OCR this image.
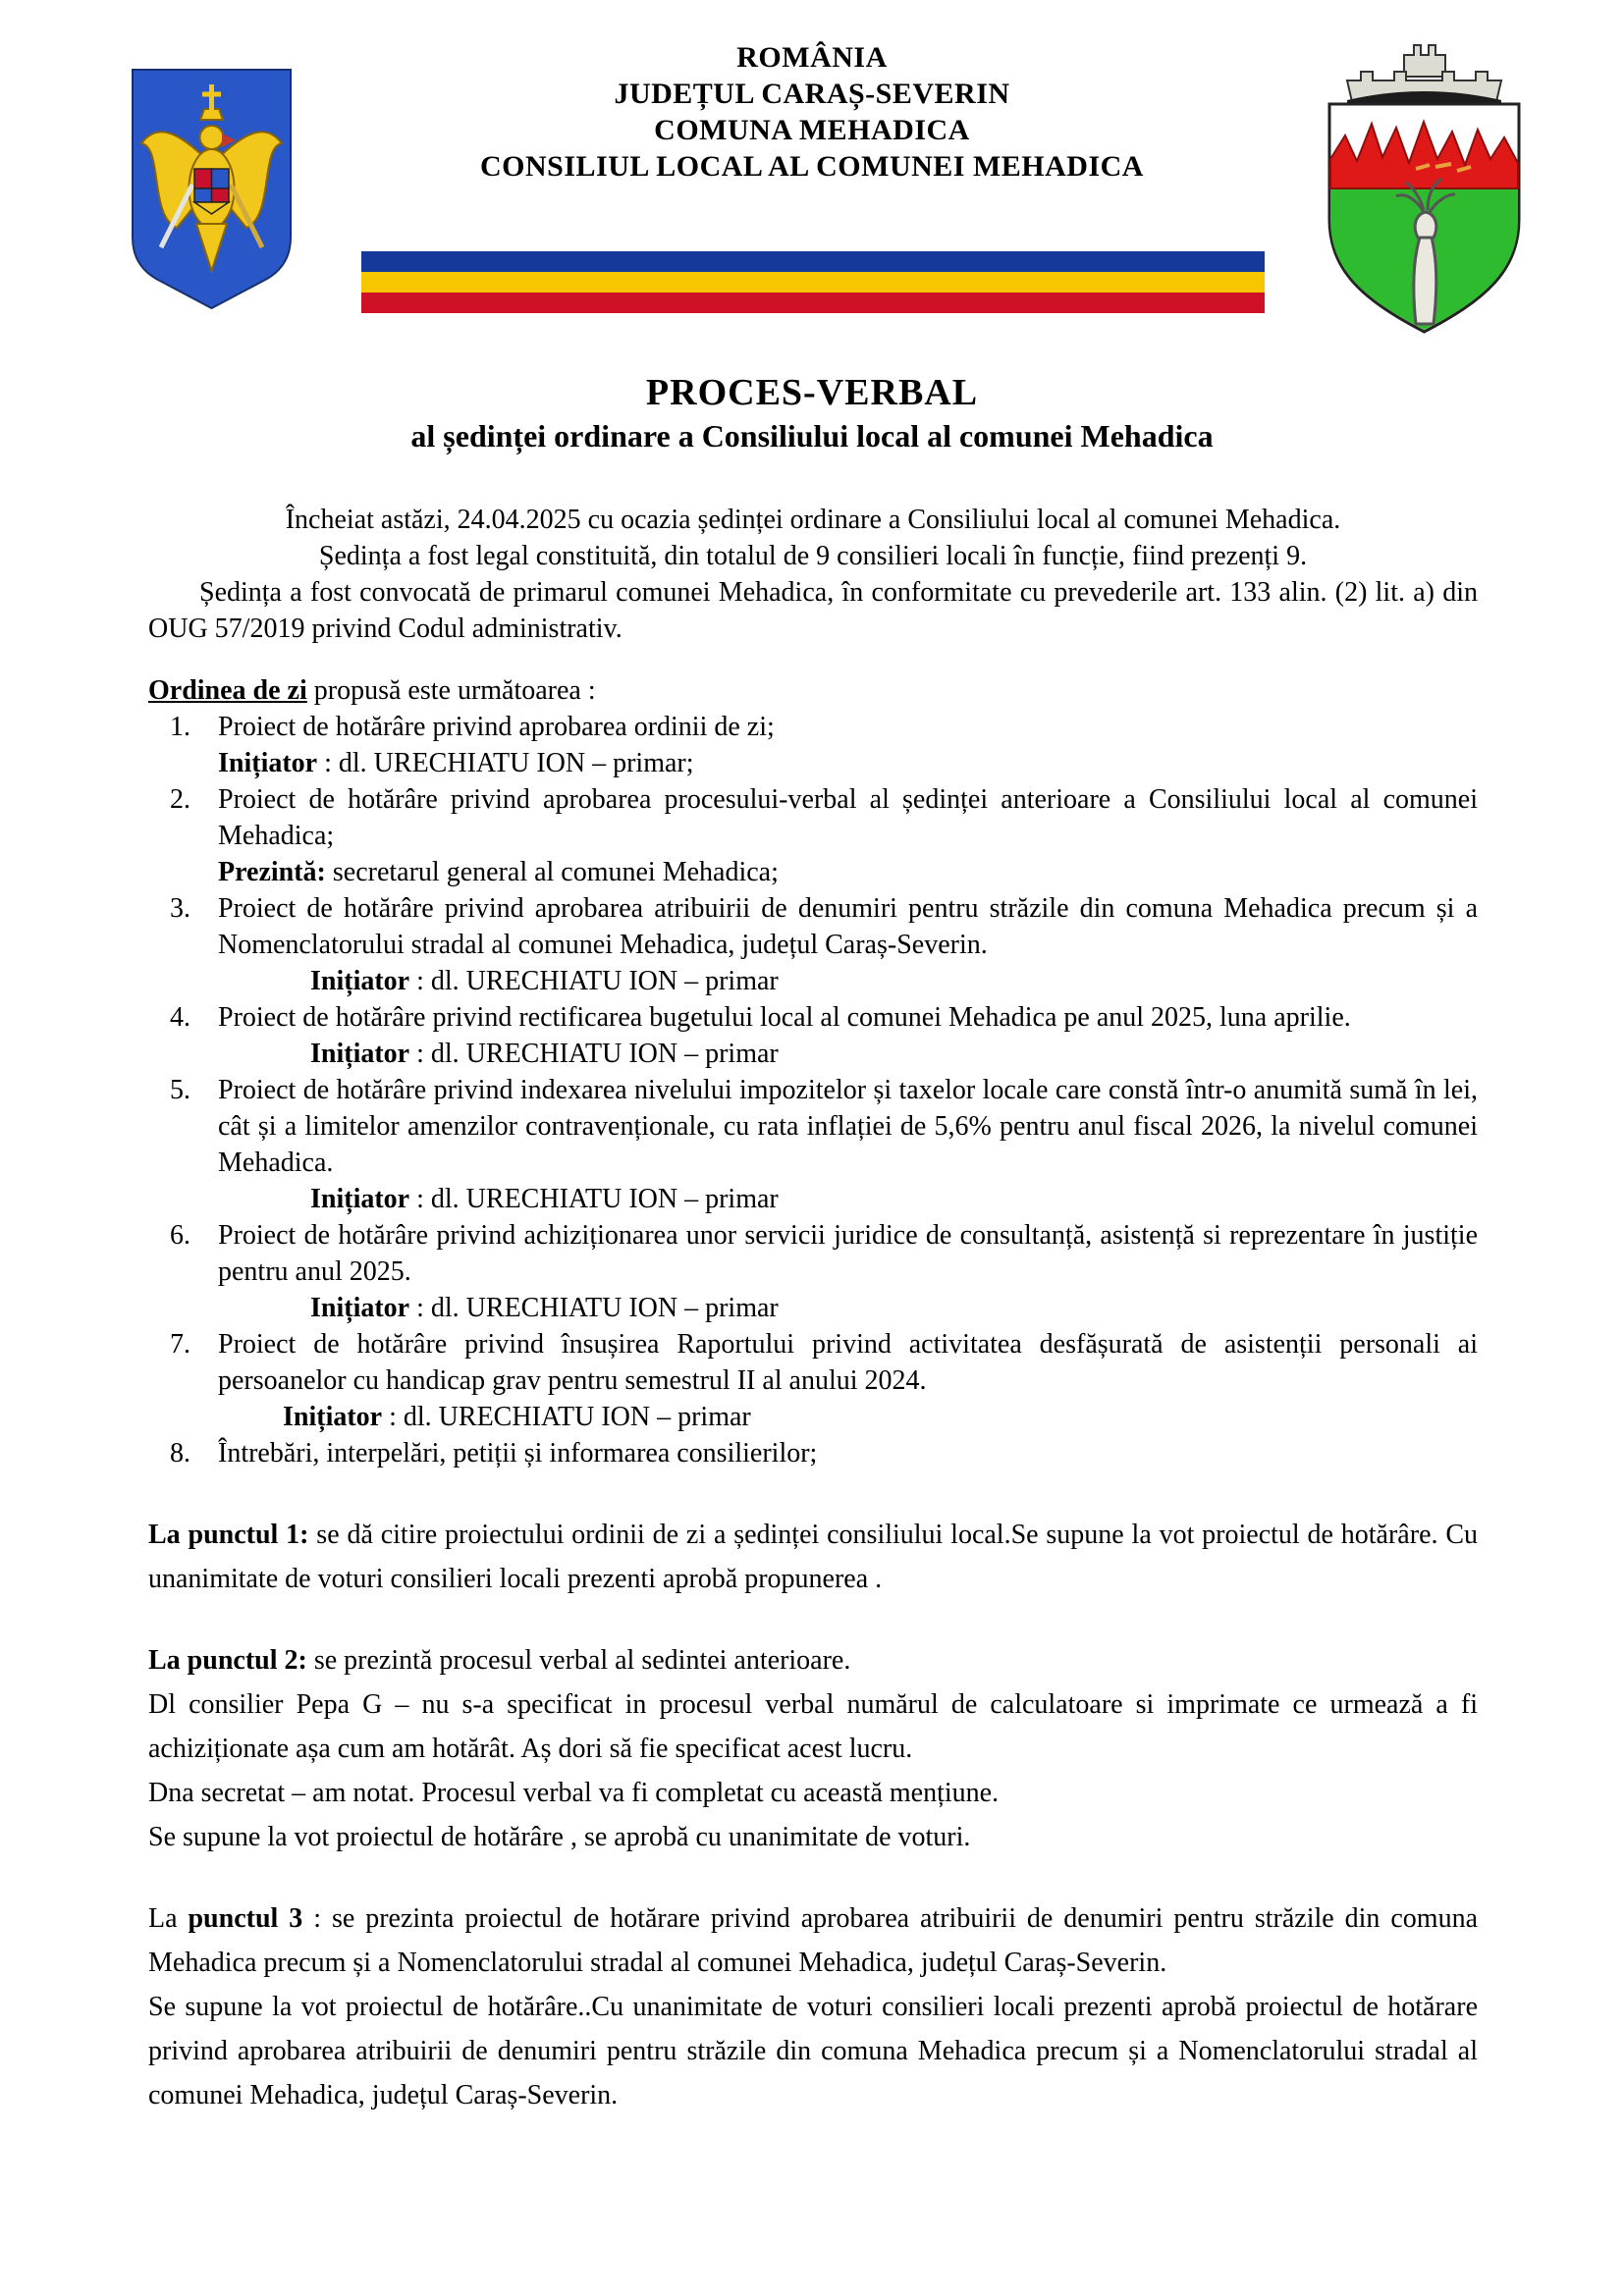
ROMÂNIA
JUDEȚUL CARAȘ-SEVERIN
COMUNA MEHADICA
CONSILIUL LOCAL AL COMUNEI MEHADICA
PROCES-VERBAL
al ședinței ordinare a Consiliului local al comunei Mehadica

Încheiat astăzi, 24.04.2025 cu ocazia ședinței ordinare a Consiliului local al comunei Mehadica.

Ședința a fost legal constituită, din totalul de 9 consilieri locali în funcție, fiind prezenți 9.

Ședința a fost convocată de primarul comunei Mehadica, în conformitate cu prevederile art. 133 alin. (2) lit. a) din OUG 57/2019 privind Codul administrativ.

Ordinea de zi propusă este următoarea :

1.	Proiect de hotărâre privind aprobarea ordinii de zi;
Inițiator : dl. URECHIATU ION – primar;
2.	Proiect de hotărâre privind aprobarea procesului-verbal al ședinței anterioare a Consiliului local al comunei Mehadica;
Prezintă: secretarul general al comunei Mehadica;
3.	Proiect de hotărâre privind aprobarea atribuirii de denumiri pentru străzile din comuna Mehadica precum și a Nomenclatorului stradal al comunei Mehadica, județul Caraș-Severin.
Inițiator : dl. URECHIATU ION – primar
4.	Proiect de hotărâre privind rectificarea bugetului local al comunei Mehadica pe anul 2025, luna aprilie.
Inițiator : dl. URECHIATU ION – primar
5.	Proiect de hotărâre privind indexarea nivelului impozitelor și taxelor locale care constă într-o anumită sumă în lei, cât și a limitelor amenzilor contravenționale, cu rata inflației de 5,6% pentru anul fiscal 2026, la nivelul comunei Mehadica.
Inițiator : dl. URECHIATU ION – primar
6.	Proiect de hotărâre privind achiziționarea unor servicii juridice de consultanță, asistență si reprezentare în justiție pentru anul 2025.
Inițiator : dl. URECHIATU ION – primar
7.	Proiect de hotărâre privind însușirea Raportului privind activitatea desfășurată de asistenții personali ai persoanelor cu handicap grav pentru semestrul II al anului 2024.
Inițiator : dl. URECHIATU ION – primar
8.	Întrebări, interpelări, petiții și informarea consilierilor;

La punctul 1: se dă citire proiectului ordinii de zi a ședinței consiliului local.Se supune la vot proiectul de hotărâre. Cu unanimitate de voturi consilieri locali prezenti aprobă propunerea .

La punctul 2: se prezintă procesul verbal al sedintei anterioare.

Dl consilier Pepa G – nu s-a specificat in procesul verbal numărul de calculatoare si imprimate ce urmează a fi achiziționate așa cum am hotărât. Aș dori să fie specificat acest lucru.

Dna secretat – am notat. Procesul verbal va fi completat cu această mențiune.

Se supune la vot proiectul de hotărâre , se aprobă cu unanimitate de voturi.

La punctul 3 : se prezinta proiectul de hotărare privind aprobarea atribuirii de denumiri pentru străzile din comuna Mehadica precum și a Nomenclatorului stradal al comunei Mehadica, județul Caraș-Severin.

Se supune la vot proiectul de hotărâre..Cu unanimitate de voturi consilieri locali prezenti aprobă proiectul de hotărare privind aprobarea atribuirii de denumiri pentru străzile din comuna Mehadica precum și a Nomenclatorului stradal al comunei Mehadica, județul Caraș-Severin.
